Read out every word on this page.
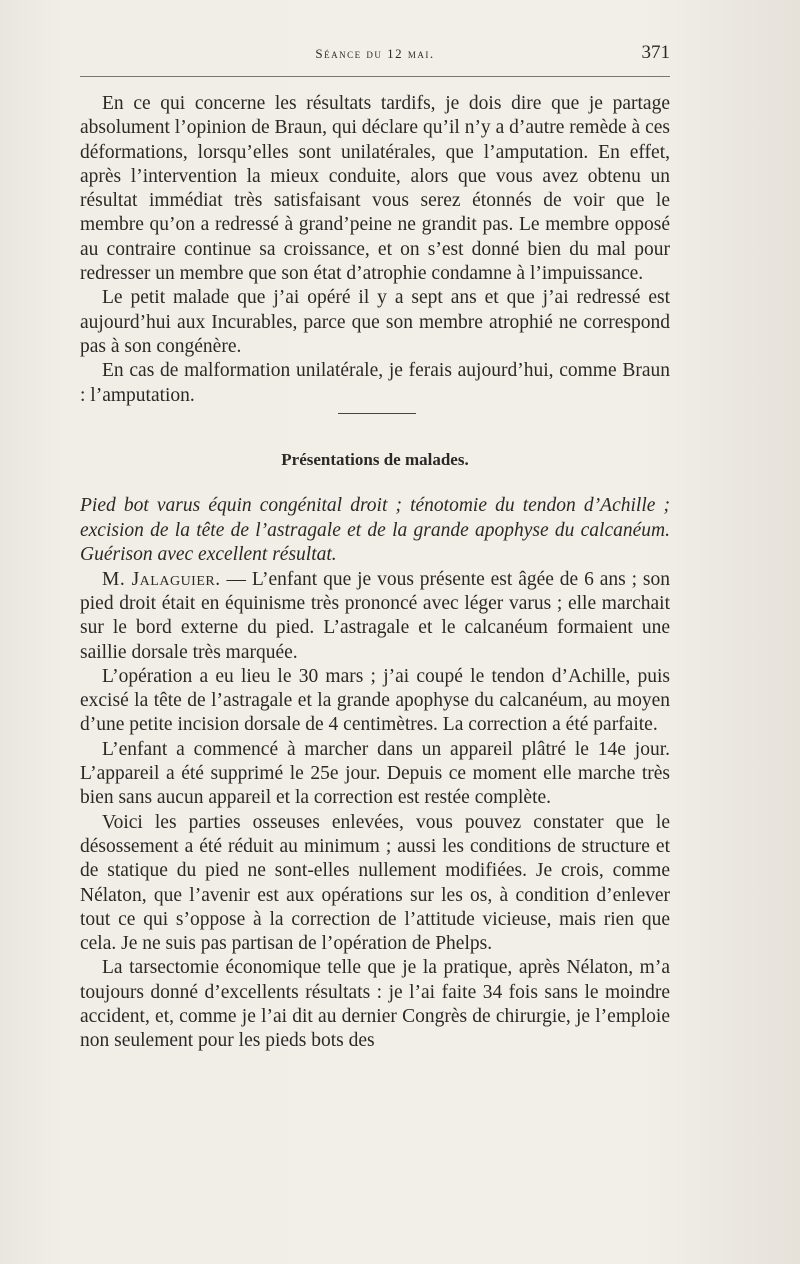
Séance du 12 mai.	371

En ce qui concerne les résultats tardifs, je dois dire que je partage absolument l’opinion de Braun, qui déclare qu’il n’y a d’autre remède à ces déformations, lorsqu’elles sont unilatérales, que l’amputation. En effet, après l’intervention la mieux conduite, alors que vous avez obtenu un résultat immédiat très satisfaisant vous serez étonnés de voir que le membre qu’on a redressé à grand’peine ne grandit pas. Le membre opposé au contraire continue sa croissance, et on s’est donné bien du mal pour redresser un membre que son état d’atrophie condamne à l’impuissance.

Le petit malade que j’ai opéré il y a sept ans et que j’ai redressé est aujourd’hui aux Incurables, parce que son membre atrophié ne correspond pas à son congénère.

En cas de malformation unilatérale, je ferais aujourd’hui, comme Braun : l’amputation.

Présentations de malades.

Pied bot varus équin congénital droit ; ténotomie du tendon d’Achille ; excision de la tête de l’astragale et de la grande apophyse du calcanéum. Guérison avec excellent résultat.

M. Jalaguier. — L’enfant que je vous présente est âgée de 6 ans ; son pied droit était en équinisme très prononcé avec léger varus ; elle marchait sur le bord externe du pied. L’astragale et le calcanéum formaient une saillie dorsale très marquée.

L’opération a eu lieu le 30 mars ; j’ai coupé le tendon d’Achille, puis excisé la tête de l’astragale et la grande apophyse du calcanéum, au moyen d’une petite incision dorsale de 4 centimètres. La correction a été parfaite.

L’enfant a commencé à marcher dans un appareil plâtré le 14e jour. L’appareil a été supprimé le 25e jour. Depuis ce moment elle marche très bien sans aucun appareil et la correction est restée complète.

Voici les parties osseuses enlevées, vous pouvez constater que le désossement a été réduit au minimum ; aussi les conditions de structure et de statique du pied ne sont-elles nullement modifiées. Je crois, comme Nélaton, que l’avenir est aux opérations sur les os, à condition d’enlever tout ce qui s’oppose à la correction de l’attitude vicieuse, mais rien que cela. Je ne suis pas partisan de l’opération de Phelps.

La tarsectomie économique telle que je la pratique, après Nélaton, m’a toujours donné d’excellents résultats : je l’ai faite 34 fois sans le moindre accident, et, comme je l’ai dit au dernier Congrès de chirurgie, je l’emploie non seulement pour les pieds bots des
